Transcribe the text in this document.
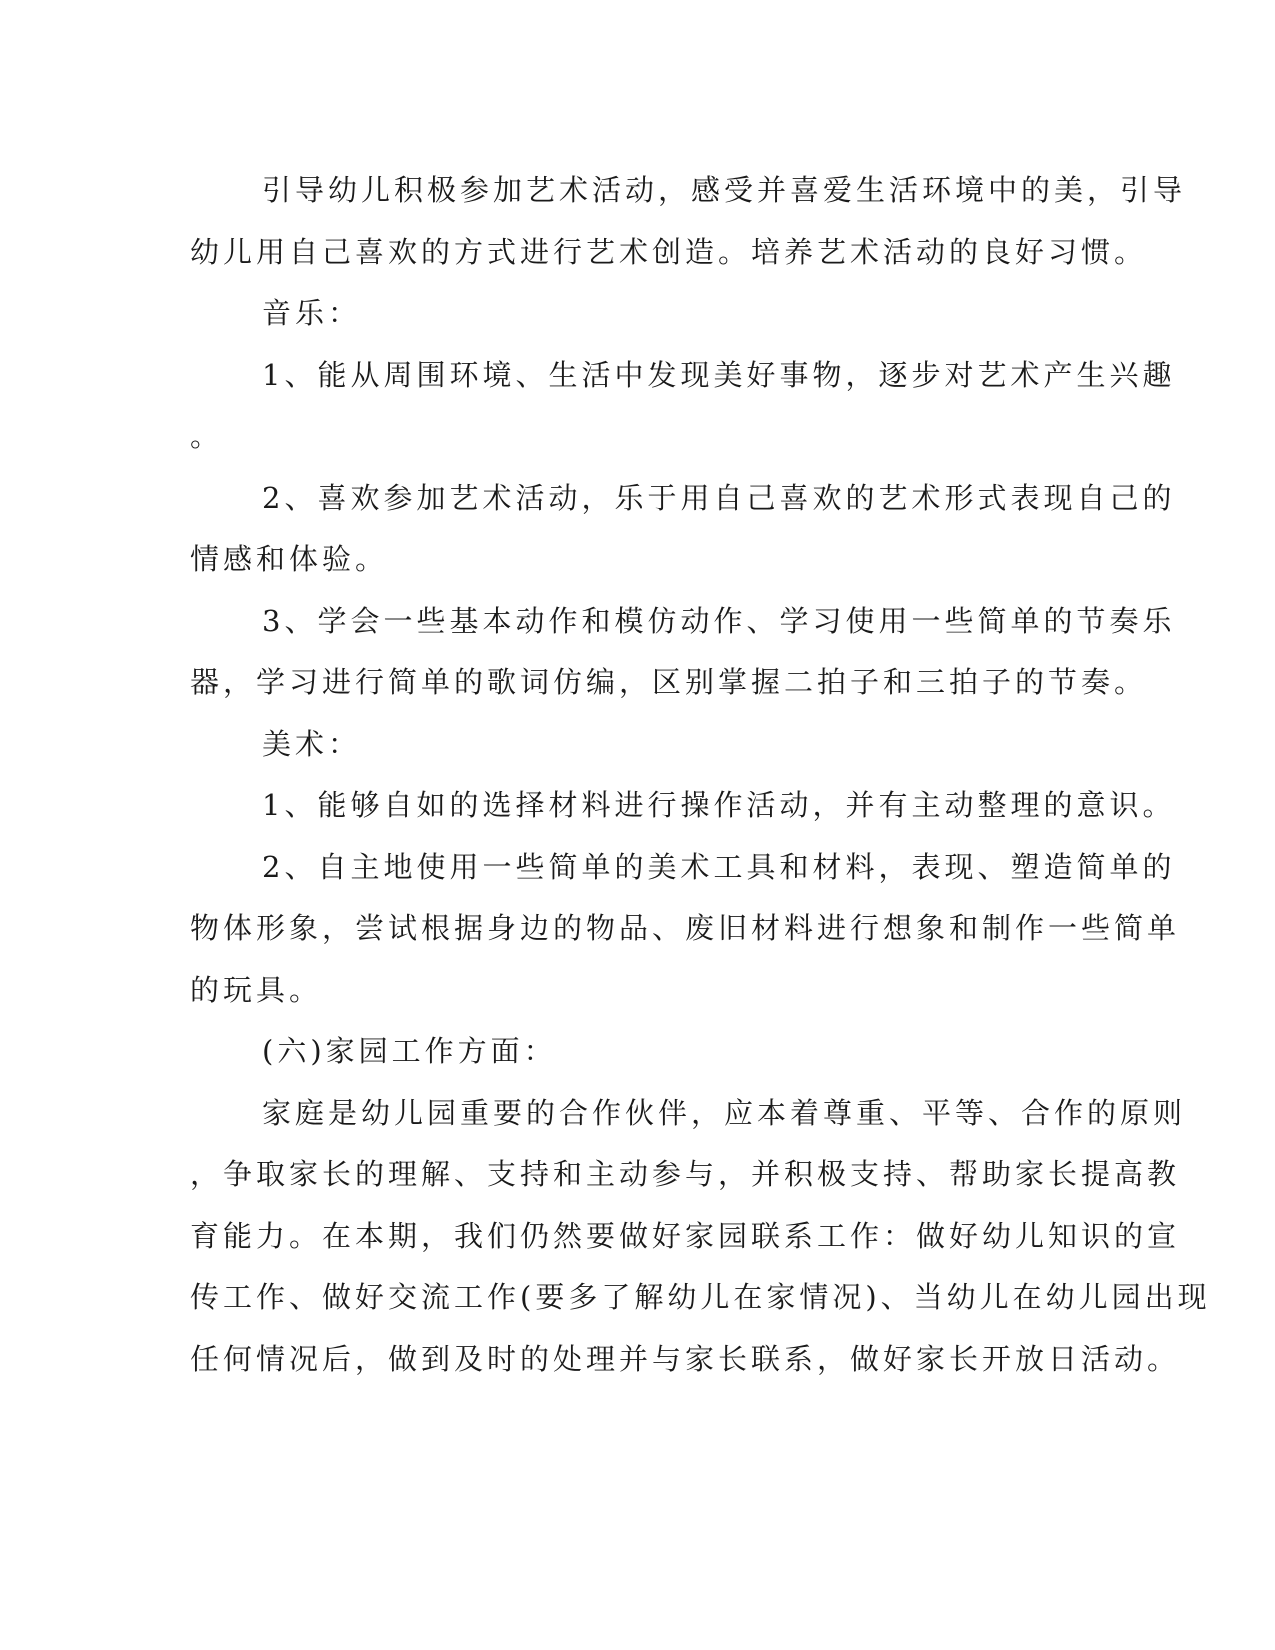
引导幼儿积极参加艺术活动，感受并喜爱生活环境中的美，引导
幼儿用自己喜欢的方式进行艺术创造。培养艺术活动的良好习惯。
音乐：
1、能从周围环境、生活中发现美好事物，逐步对艺术产生兴趣
。
2、喜欢参加艺术活动，乐于用自己喜欢的艺术形式表现自己的
情感和体验。
3、学会一些基本动作和模仿动作、学习使用一些简单的节奏乐
器，学习进行简单的歌词仿编，区别掌握二拍子和三拍子的节奏。
美术：
1、能够自如的选择材料进行操作活动，并有主动整理的意识。
2、自主地使用一些简单的美术工具和材料，表现、塑造简单的
物体形象，尝试根据身边的物品、废旧材料进行想象和制作一些简单
的玩具。
(六)家园工作方面：
家庭是幼儿园重要的合作伙伴，应本着尊重、平等、合作的原则
，争取家长的理解、支持和主动参与，并积极支持、帮助家长提高教
育能力。在本期，我们仍然要做好家园联系工作：做好幼儿知识的宣
传工作、做好交流工作(要多了解幼儿在家情况)、当幼儿在幼儿园出现
任何情况后，做到及时的处理并与家长联系，做好家长开放日活动。
